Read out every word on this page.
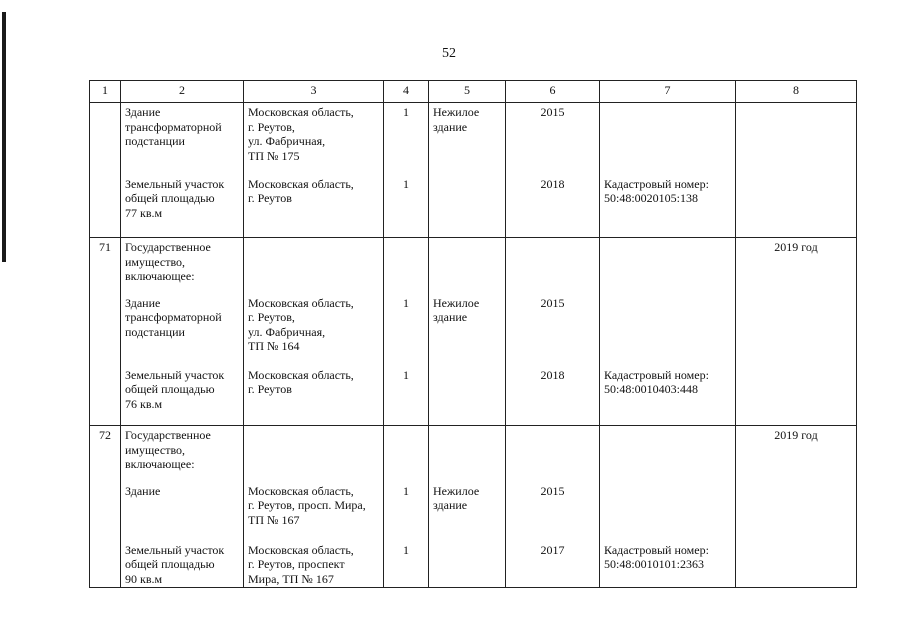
52
1	2	3	4	5	6	7	8
	Здание
трансформаторной
подстанции	Московская область,
г. Реутов,
ул. Фабричная,
ТП № 175	1	Нежилое
здание	2015		
	Земельный участок
общей площадью
77 кв.м	Московская область,
г. Реутов	1		2018	Кадастровый номер:
50:48:0020105:138	
71	Государственное
имущество,
включающее:						2019 год
	Здание
трансформаторной
подстанции	Московская область,
г. Реутов,
ул. Фабричная,
ТП № 164	1	Нежилое
здание	2015		
	Земельный участок
общей площадью
76 кв.м	Московская область,
г. Реутов	1		2018	Кадастровый номер:
50:48:0010403:448	
72	Государственное
имущество,
включающее:						2019 год
	Здание	Московская область,
г. Реутов, просп. Мира,
ТП № 167	1	Нежилое
здание	2015		
	Земельный участок
общей площадью
90 кв.м	Московская область,
г. Реутов, проспект
Мира, ТП № 167	1		2017	Кадастровый номер:
50:48:0010101:2363	
